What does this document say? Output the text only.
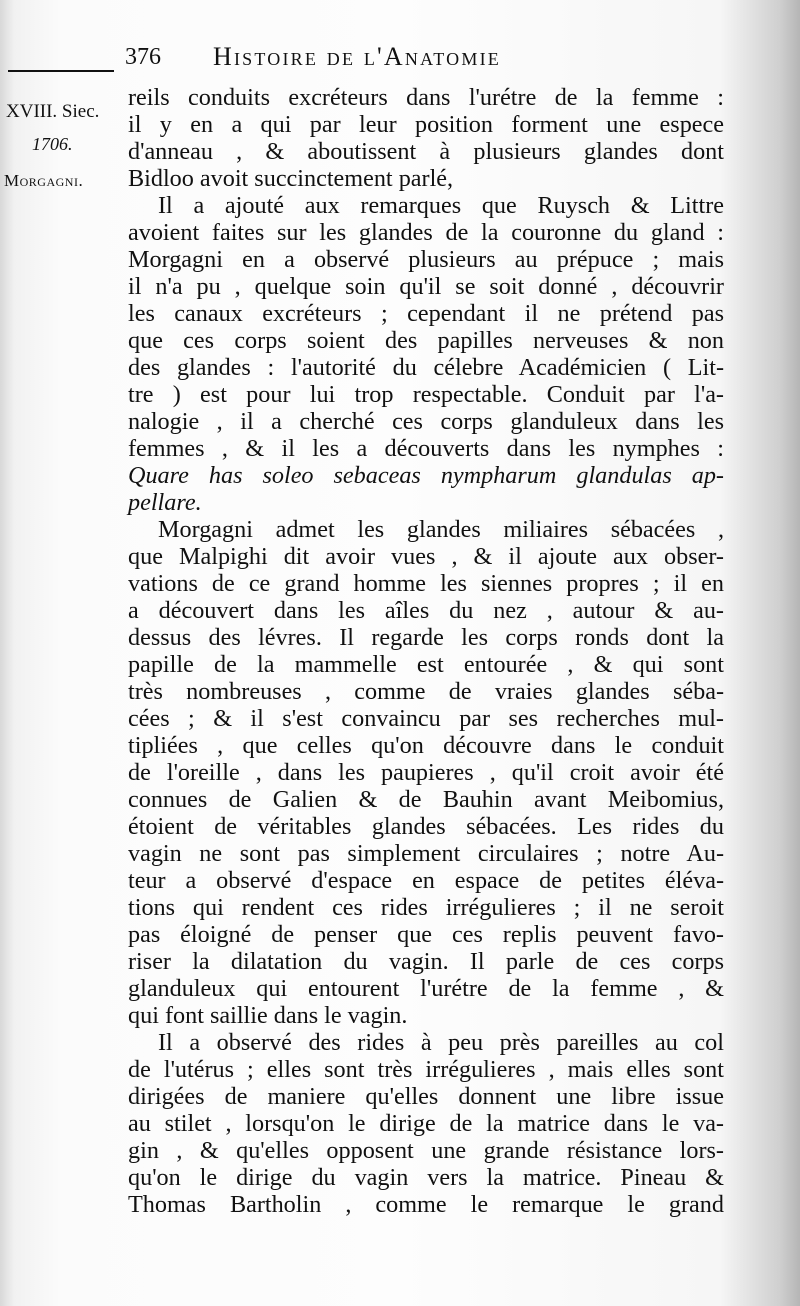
376 Histoire de l'Anatomie
XVIII. Siec.
1706.
Morgagni.
reils conduits excréteurs dans l'urétre de la femme :
il y en a qui par leur position forment une espece
d'anneau , & aboutissent à plusieurs glandes dont
Bidloo avoit succinctement parlé,
Il a ajouté aux remarques que Ruysch & Littre
avoient faites sur les glandes de la couronne du gland :
Morgagni en a observé plusieurs au prépuce ; mais
il n'a pu , quelque soin qu'il se soit donné , découvrir
les canaux excréteurs ; cependant il ne prétend pas
que ces corps soient des papilles nerveuses & non
des glandes : l'autorité du célebre Académicien ( Lit-
tre ) est pour lui trop respectable. Conduit par l'a-
nalogie , il a cherché ces corps glanduleux dans les
femmes , & il les a découverts dans les nymphes :
Quare has soleo sebaceas nympharum glandulas ap-
pellare.
Morgagni admet les glandes miliaires sébacées ,
que Malpighi dit avoir vues , & il ajoute aux obser-
vations de ce grand homme les siennes propres ; il en
a découvert dans les aîles du nez , autour & au-
dessus des lévres. Il regarde les corps ronds dont la
papille de la mammelle est entourée , & qui sont
très nombreuses , comme de vraies glandes séba-
cées ; & il s'est convaincu par ses recherches mul-
tipliées , que celles qu'on découvre dans le conduit
de l'oreille , dans les paupieres , qu'il croit avoir été
connues de Galien & de Bauhin avant Meibomius,
étoient de véritables glandes sébacées. Les rides du
vagin ne sont pas simplement circulaires ; notre Au-
teur a observé d'espace en espace de petites éléva-
tions qui rendent ces rides irrégulieres ; il ne seroit
pas éloigné de penser que ces replis peuvent favo-
riser la dilatation du vagin. Il parle de ces corps
glanduleux qui entourent l'urétre de la femme , &
qui font saillie dans le vagin.
Il a observé des rides à peu près pareilles au col
de l'utérus ; elles sont très irrégulieres , mais elles sont
dirigées de maniere qu'elles donnent une libre issue
au stilet , lorsqu'on le dirige de la matrice dans le va-
gin , & qu'elles opposent une grande résistance lors-
qu'on le dirige du vagin vers la matrice. Pineau &
Thomas Bartholin , comme le remarque le grand
